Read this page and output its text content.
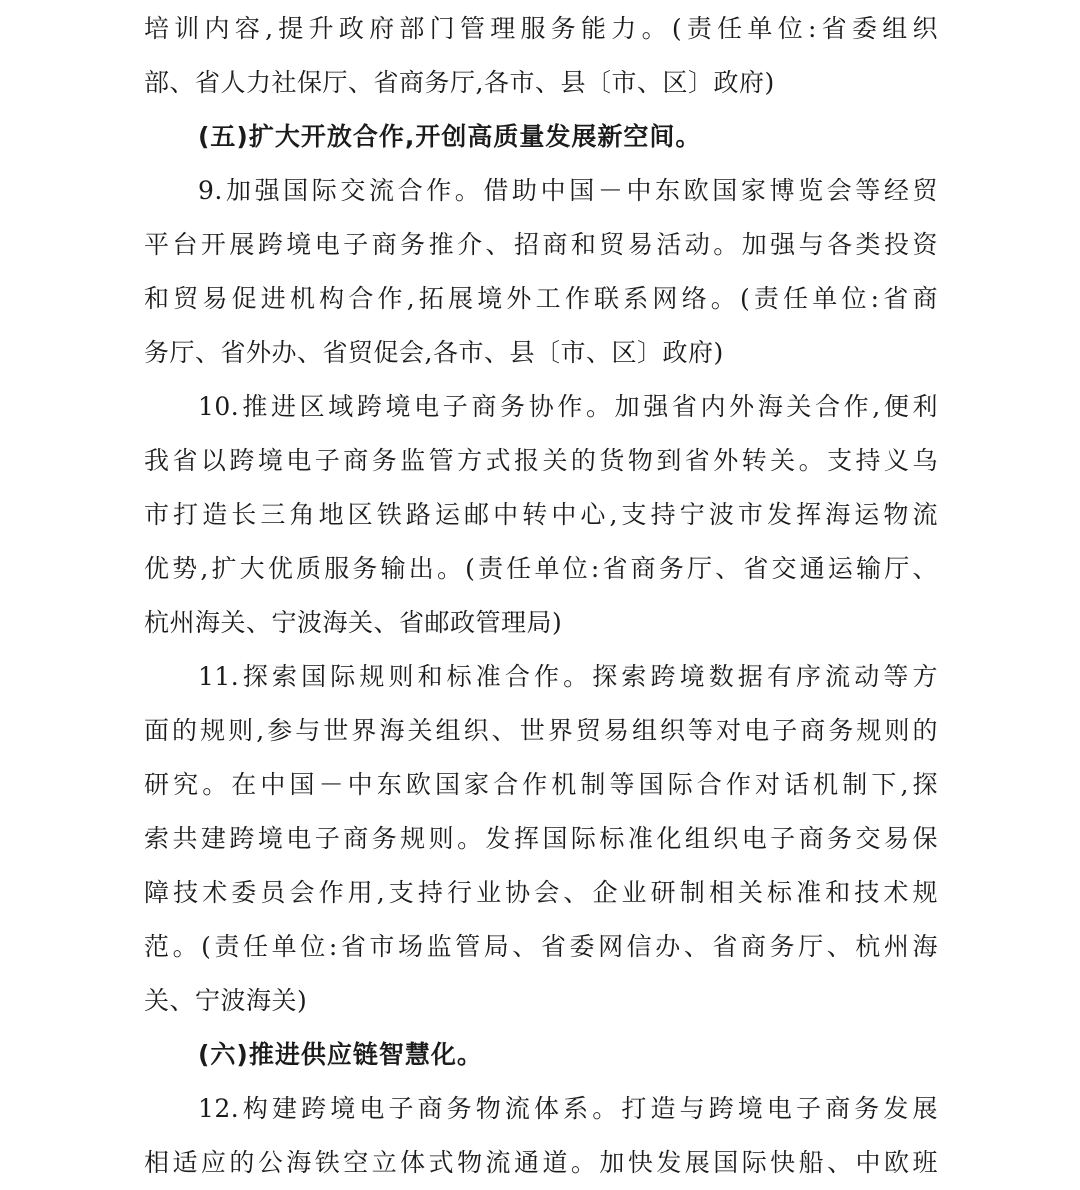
培训内容,提升政府部门管理服务能力。(责任单位:省委组织
部、省人力社保厅、省商务厅,各市、县〔市、区〕政府)
(五)扩大开放合作,开创高质量发展新空间。
9.加强国际交流合作。借助中国－中东欧国家博览会等经贸
平台开展跨境电子商务推介、招商和贸易活动。加强与各类投资
和贸易促进机构合作,拓展境外工作联系网络。(责任单位:省商
务厅、省外办、省贸促会,各市、县〔市、区〕政府)
10.推进区域跨境电子商务协作。加强省内外海关合作,便利
我省以跨境电子商务监管方式报关的货物到省外转关。支持义乌
市打造长三角地区铁路运邮中转中心,支持宁波市发挥海运物流
优势,扩大优质服务输出。(责任单位:省商务厅、省交通运输厅、
杭州海关、宁波海关、省邮政管理局)
11.探索国际规则和标准合作。探索跨境数据有序流动等方
面的规则,参与世界海关组织、世界贸易组织等对电子商务规则的
研究。在中国－中东欧国家合作机制等国际合作对话机制下,探
索共建跨境电子商务规则。发挥国际标准化组织电子商务交易保
障技术委员会作用,支持行业协会、企业研制相关标准和技术规
范。(责任单位:省市场监管局、省委网信办、省商务厅、杭州海
关、宁波海关)
(六)推进供应链智慧化。
12.构建跨境电子商务物流体系。打造与跨境电子商务发展
相适应的公海铁空立体式物流通道。加快发展国际快船、中欧班
